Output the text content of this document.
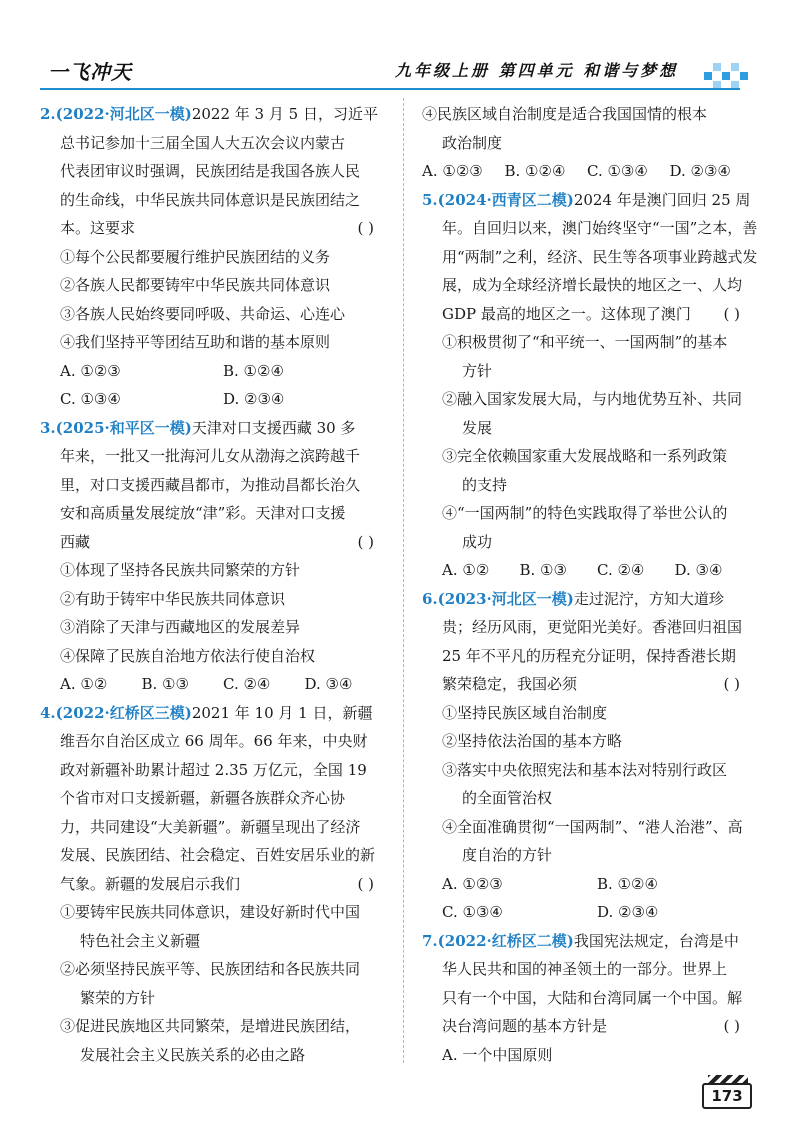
一飞冲天	九年级上册 第四单元 和谐与梦想
2.(2022·河北区一模)2022 年 3 月 5 日，习近平
总书记参加十三届全国人大五次会议内蒙古
代表团审议时强调，民族团结是我国各族人民
的生命线，中华民族共同体意识是民族团结之
本。这要求	( )
①每个公民都要履行维护民族团结的义务
②各族人民都要铸牢中华民族共同体意识
③各族人民始终要同呼吸、共命运、心连心
④我们坚持平等团结互助和谐的基本原则
A. ①②③	B. ①②④
C. ①③④	D. ②③④
3.(2025·和平区一模)天津对口支援西藏 30 多
年来，一批又一批海河儿女从渤海之滨跨越千
里，对口支援西藏昌都市，为推动昌都长治久
安和高质量发展绽放“津”彩。天津对口支援
西藏	( )
①体现了坚持各民族共同繁荣的方针
②有助于铸牢中华民族共同体意识
③消除了天津与西藏地区的发展差异
④保障了民族自治地方依法行使自治权
A. ①②	B. ①③	C. ②④	D. ③④
4.(2022·红桥区三模)2021 年 10 月 1 日，新疆
维吾尔自治区成立 66 周年。66 年来，中央财
政对新疆补助累计超过 2.35 万亿元，全国 19
个省市对口支援新疆，新疆各族群众齐心协
力，共同建设“大美新疆”。新疆呈现出了经济
发展、民族团结、社会稳定、百姓安居乐业的新
气象。新疆的发展启示我们	( )
①要铸牢民族共同体意识，建设好新时代中国
特色社会主义新疆
②必须坚持民族平等、民族团结和各民族共同
繁荣的方针
③促进民族地区共同繁荣，是增进民族团结，
发展社会主义民族关系的必由之路
④民族区域自治制度是适合我国国情的根本
政治制度
A. ①②③	B. ①②④	C. ①③④	D. ②③④
5.(2024·西青区二模)2024 年是澳门回归 25 周
年。自回归以来，澳门始终坚守“一国”之本，善
用“两制”之利，经济、民生等各项事业跨越式发
展，成为全球经济增长最快的地区之一、人均
GDP 最高的地区之一。这体现了澳门 ( )
①积极贯彻了“和平统一、一国两制”的基本
方针
②融入国家发展大局，与内地优势互补、共同
发展
③完全依赖国家重大发展战略和一系列政策
的支持
④“一国两制”的特色实践取得了举世公认的
成功
A. ①②	B. ①③	C. ②④	D. ③④
6.(2023·河北区一模)走过泥泞，方知大道珍
贵；经历风雨，更觉阳光美好。香港回归祖国
25 年不平凡的历程充分证明，保持香港长期
繁荣稳定，我国必须	( )
①坚持民族区域自治制度
②坚持依法治国的基本方略
③落实中央依照宪法和基本法对特别行政区
的全面管治权
④全面准确贯彻“一国两制”、“港人治港”、高
度自治的方针
A. ①②③	B. ①②④
C. ①③④	D. ②③④
7.(2022·红桥区二模)我国宪法规定，台湾是中
华人民共和国的神圣领土的一部分。世界上
只有一个中国，大陆和台湾同属一个中国。解
决台湾问题的基本方针是	( )
A. 一个中国原则
173
